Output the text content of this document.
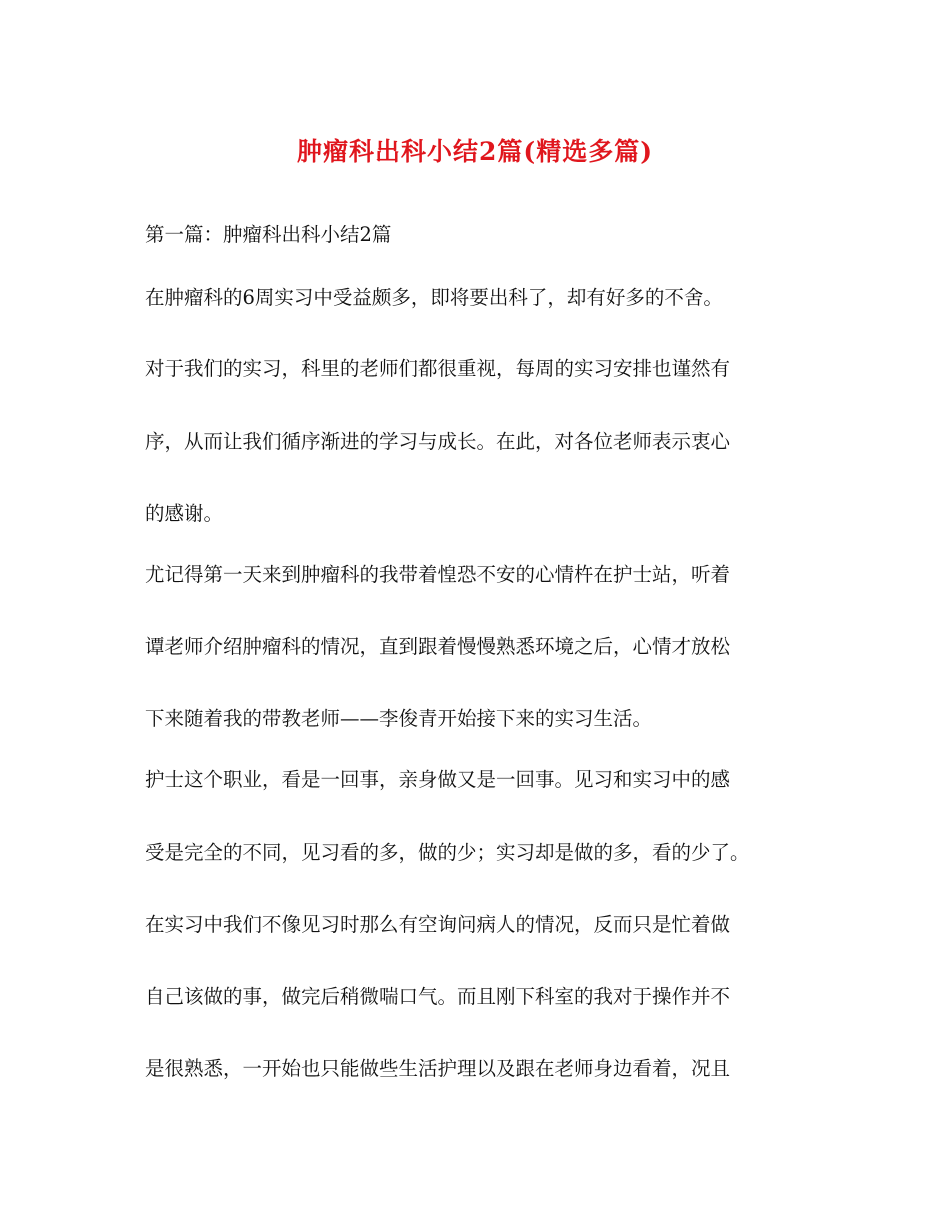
肿瘤科出科小结2篇(精选多篇)
第一篇：肿瘤科出科小结2篇
在肿瘤科的6周实习中受益颇多，即将要出科了，却有好多的不舍。
对于我们的实习，科里的老师们都很重视，每周的实习安排也谨然有
序，从而让我们循序渐进的学习与成长。在此，对各位老师表示衷心
的感谢。
尤记得第一天来到肿瘤科的我带着惶恐不安的心情杵在护士站，听着
谭老师介绍肿瘤科的情况，直到跟着慢慢熟悉环境之后，心情才放松
下来随着我的带教老师——李俊青开始接下来的实习生活。
护士这个职业，看是一回事，亲身做又是一回事。见习和实习中的感
受是完全的不同，见习看的多，做的少；实习却是做的多，看的少了。
在实习中我们不像见习时那么有空询问病人的情况，反而只是忙着做
自己该做的事，做完后稍微喘口气。而且刚下科室的我对于操作并不
是很熟悉，一开始也只能做些生活护理以及跟在老师身边看着，况且
